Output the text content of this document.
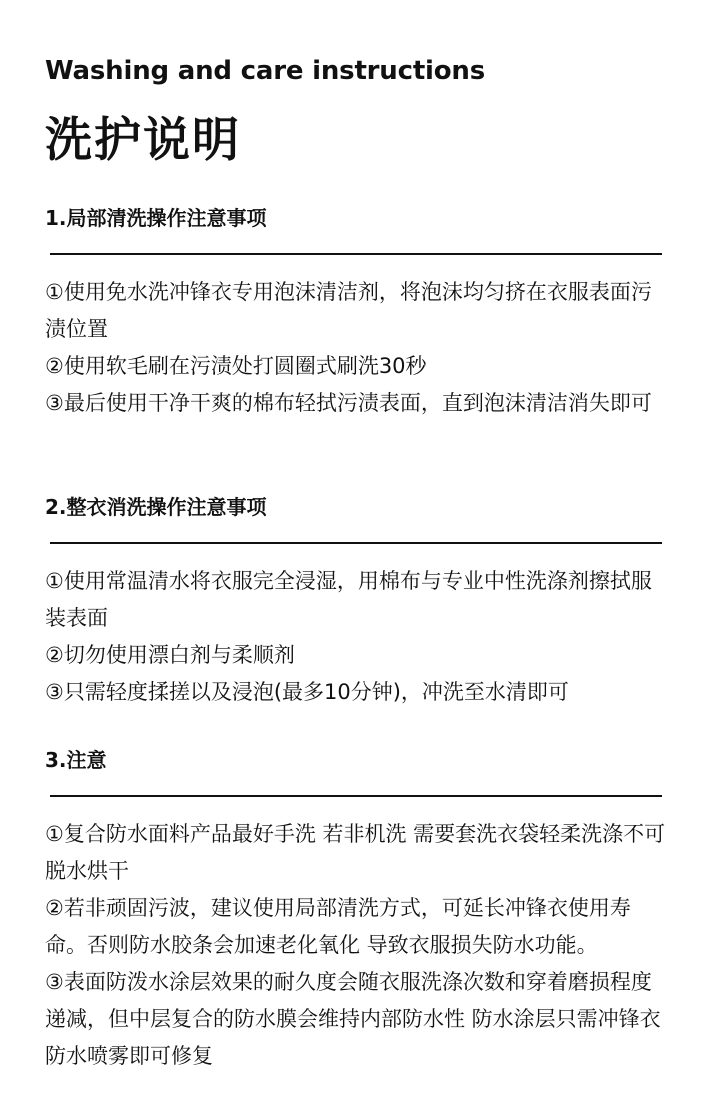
Washing and care instructions
洗护说明
1.局部清洗操作注意事项
①使用免水洗冲锋衣专用泡沫清洁剂，将泡沫均匀挤在衣服表面污渍位置
②使用软毛刷在污渍处打圆圈式刷洗30秒
③最后使用干净干爽的棉布轻拭污渍表面，直到泡沫清洁消失即可
2.整衣消洗操作注意事项
①使用常温清水将衣服完全浸湿，用棉布与专业中性洗涤剂擦拭服装表面
②切勿使用漂白剂与柔顺剂
③只需轻度揉搓以及浸泡(最多10分钟)，冲洗至水清即可
3.注意
①复合防水面料产品最好手洗 若非机洗 需要套洗衣袋轻柔洗涤不可脱水烘干
②若非顽固污波，建议使用局部清洗方式，可延长冲锋衣使用寿命。否则防水胶条会加速老化氧化 导致衣服损失防水功能。
③表面防泼水涂层效果的耐久度会随衣服洗涤次数和穿着磨损程度递减，但中层复合的防水膜会维持内部防水性 防水涂层只需冲锋衣防水喷雾即可修复
